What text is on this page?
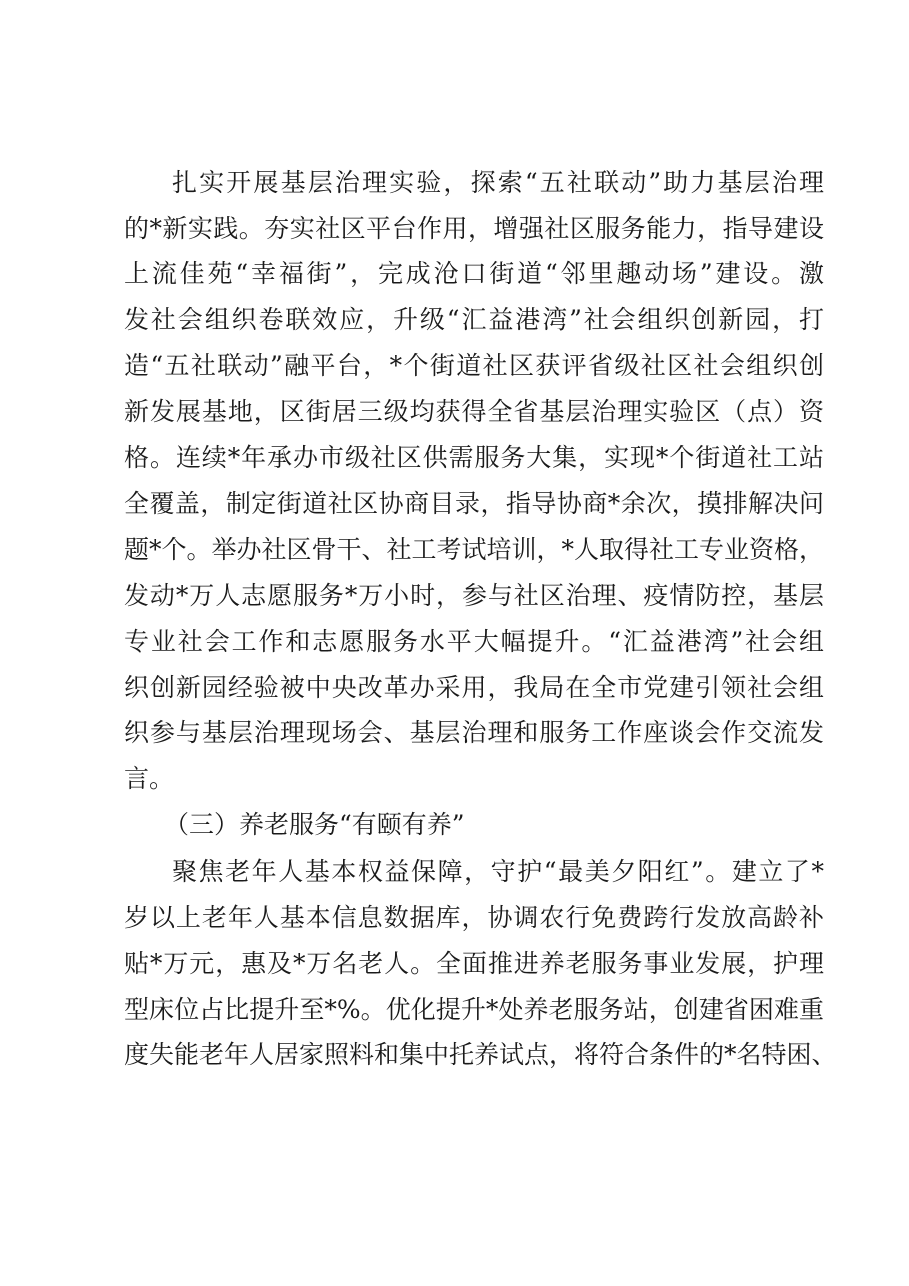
扎实开展基层治理实验，探索“五社联动”助力基层治理
的*新实践。夯实社区平台作用，增强社区服务能力，指导建设
上流佳苑“幸福街”，完成沧口街道“邻里趣动场”建设。激
发社会组织卷联效应，升级“汇益港湾”社会组织创新园，打
造“五社联动”融平台，*个街道社区获评省级社区社会组织创
新发展基地，区街居三级均获得全省基层治理实验区（点）资
格。连续*年承办市级社区供需服务大集，实现*个街道社工站
全覆盖，制定街道社区协商目录，指导协商*余次，摸排解决问
题*个。举办社区骨干、社工考试培训，*人取得社工专业资格，
发动*万人志愿服务*万小时，参与社区治理、疫情防控，基层
专业社会工作和志愿服务水平大幅提升。“汇益港湾”社会组
织创新园经验被中央改革办采用，我局在全市党建引领社会组
织参与基层治理现场会、基层治理和服务工作座谈会作交流发
言。
（三）养老服务“有颐有养”
聚焦老年人基本权益保障，守护“最美夕阳红”。建立了*
岁以上老年人基本信息数据库，协调农行免费跨行发放高龄补
贴*万元，惠及*万名老人。全面推进养老服务事业发展，护理
型床位占比提升至*%。优化提升*处养老服务站，创建省困难重
度失能老年人居家照料和集中托养试点，将符合条件的*名特困、
